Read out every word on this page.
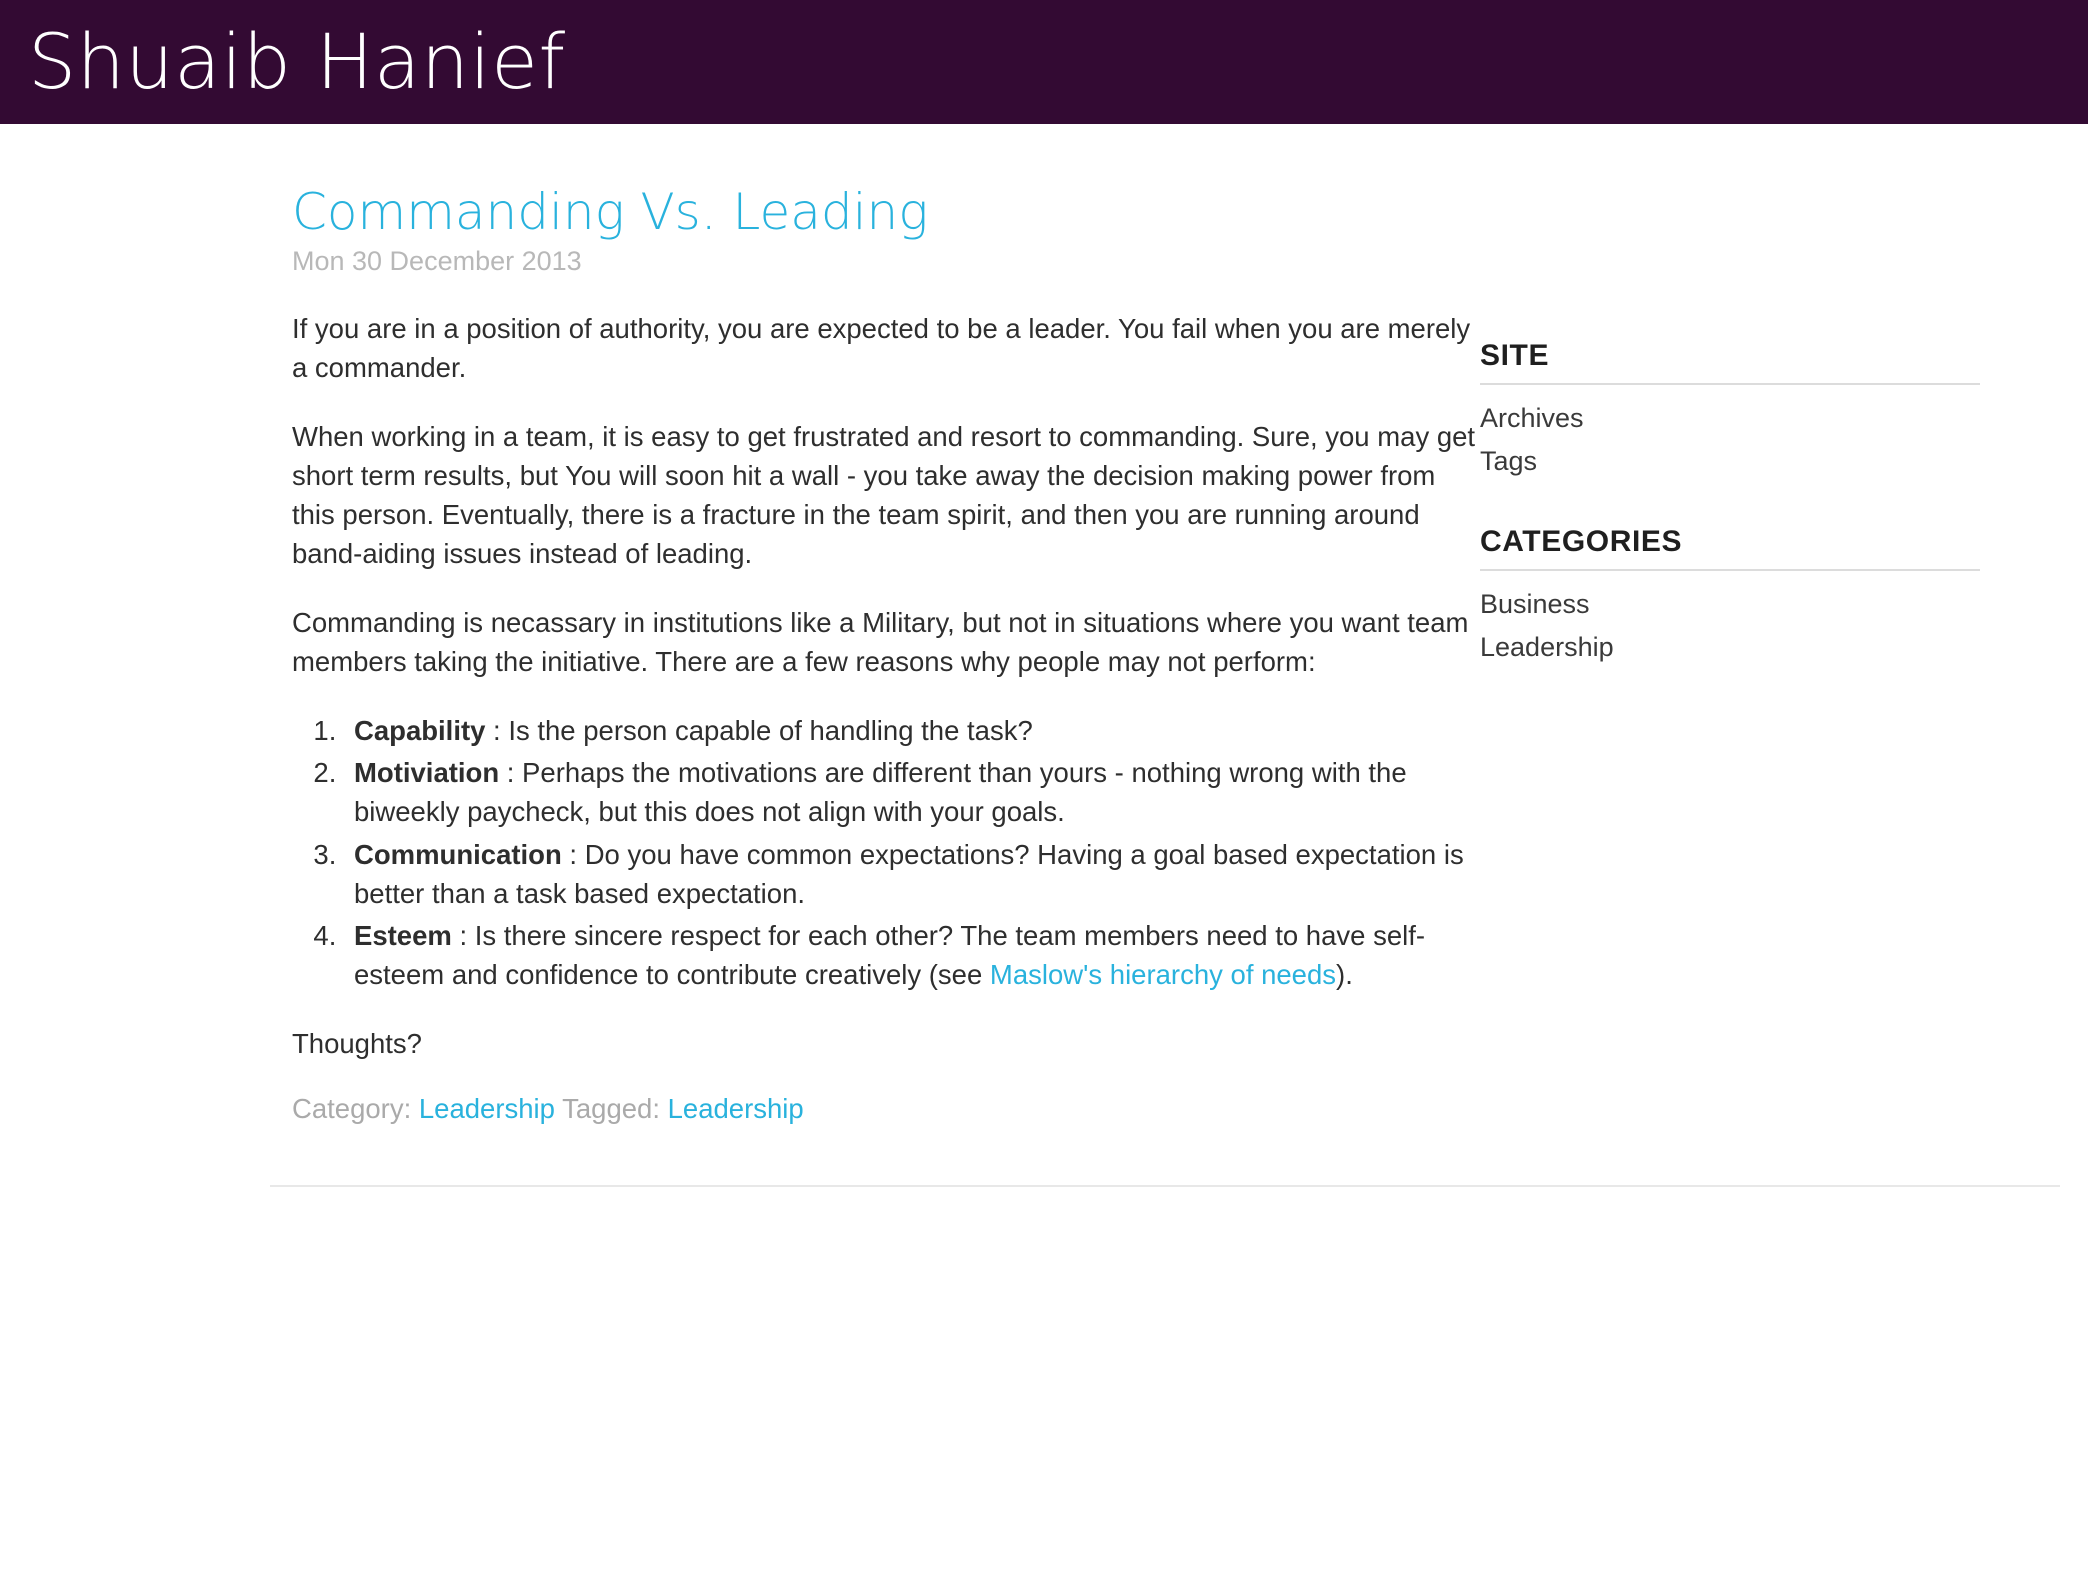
Shuaib Hanief
Commanding Vs. Leading
Mon 30 December 2013

If you are in a position of authority, you are expected to be a leader. You fail when you are merely a commander.

When working in a team, it is easy to get frustrated and resort to commanding. Sure, you may get short term results, but You will soon hit a wall - you take away the decision making power from this person. Eventually, there is a fracture in the team spirit, and then you are running around band-aiding issues instead of leading.

Commanding is necassary in institutions like a Military, but not in situations where you want team members taking the initiative. There are a few reasons why people may not perform:

1. Capability : Is the person capable of handling the task?
2. Motiviation : Perhaps the motivations are different than yours - nothing wrong with the biweekly paycheck, but this does not align with your goals.
3. Communication : Do you have common expectations? Having a goal based expectation is better than a task based expectation.
4. Esteem : Is there sincere respect for each other? The team members need to have self-esteem and confidence to contribute creatively (see Maslow's hierarchy of needs).

Thoughts?

Category: Leadership Tagged: Leadership
SITE
Archives
Tags
CATEGORIES
Business
Leadership
